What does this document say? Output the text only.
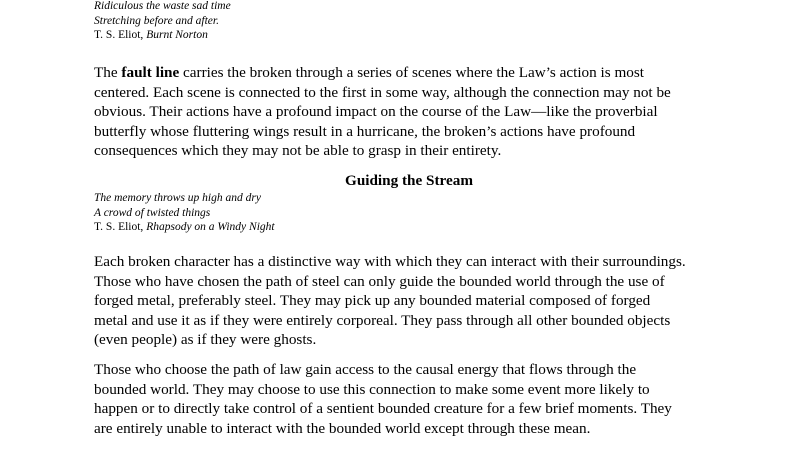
Ridiculous the waste sad time
Stretching before and after.
T. S. Eliot, Burnt Norton
The fault line carries the broken through a series of scenes where the Law’s action is most
centered. Each scene is connected to the first in some way, although the connection may not be
obvious. Their actions have a profound impact on the course of the Law—like the proverbial
butterfly whose fluttering wings result in a hurricane, the broken’s actions have profound
consequences which they may not be able to grasp in their entirety.
Guiding the Stream
The memory throws up high and dry
A crowd of twisted things
T. S. Eliot, Rhapsody on a Windy Night
Each broken character has a distinctive way with which they can interact with their surroundings.
Those who have chosen the path of steel can only guide the bounded world through the use of
forged metal, preferably steel. They may pick up any bounded material composed of forged
metal and use it as if they were entirely corporeal. They pass through all other bounded objects
(even people) as if they were ghosts.
Those who choose the path of law gain access to the causal energy that flows through the
bounded world. They may choose to use this connection to make some event more likely to
happen or to directly take control of a sentient bounded creature for a few brief moments. They
are entirely unable to interact with the bounded world except through these mean.
